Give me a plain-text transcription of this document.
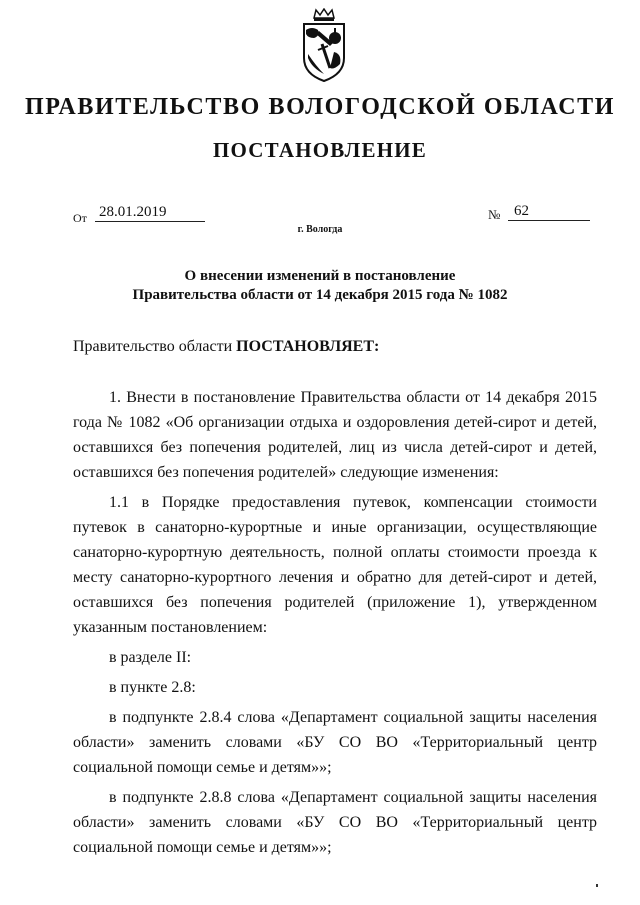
ПРАВИТЕЛЬСТВО ВОЛОГОДСКОЙ ОБЛАСТИ
ПОСТАНОВЛЕНИЕ
От 28.01.2019	№ 62
г. Вологда
О внесении изменений в постановление
Правительства области от 14 декабря 2015 года № 1082
Правительство области ПОСТАНОВЛЯЕТ:

1. Внести в постановление Правительства области от 14 декабря 2015 года № 1082 «Об организации отдыха и оздоровления детей-сирот и детей, оставшихся без попечения родителей, лиц из числа детей-сирот и детей, оставшихся без попечения родителей» следующие изменения:

1.1 в Порядке предоставления путевок, компенсации стоимости путевок в санаторно-курортные и иные организации, осуществляющие санаторно-курортную деятельность, полной оплаты стоимости проезда к месту санаторно-курортного лечения и обратно для детей-сирот и детей, оставшихся без попечения родителей (приложение 1), утвержденном указанным постановлением:

в разделе II:

в пункте 2.8:

в подпункте 2.8.4 слова «Департамент социальной защиты населения области» заменить словами «БУ СО ВО «Территориальный центр социальной помощи семье и детям»»;

в подпункте 2.8.8 слова «Департамент социальной защиты населения области» заменить словами «БУ СО ВО «Территориальный центр социальной помощи семье и детям»»;
